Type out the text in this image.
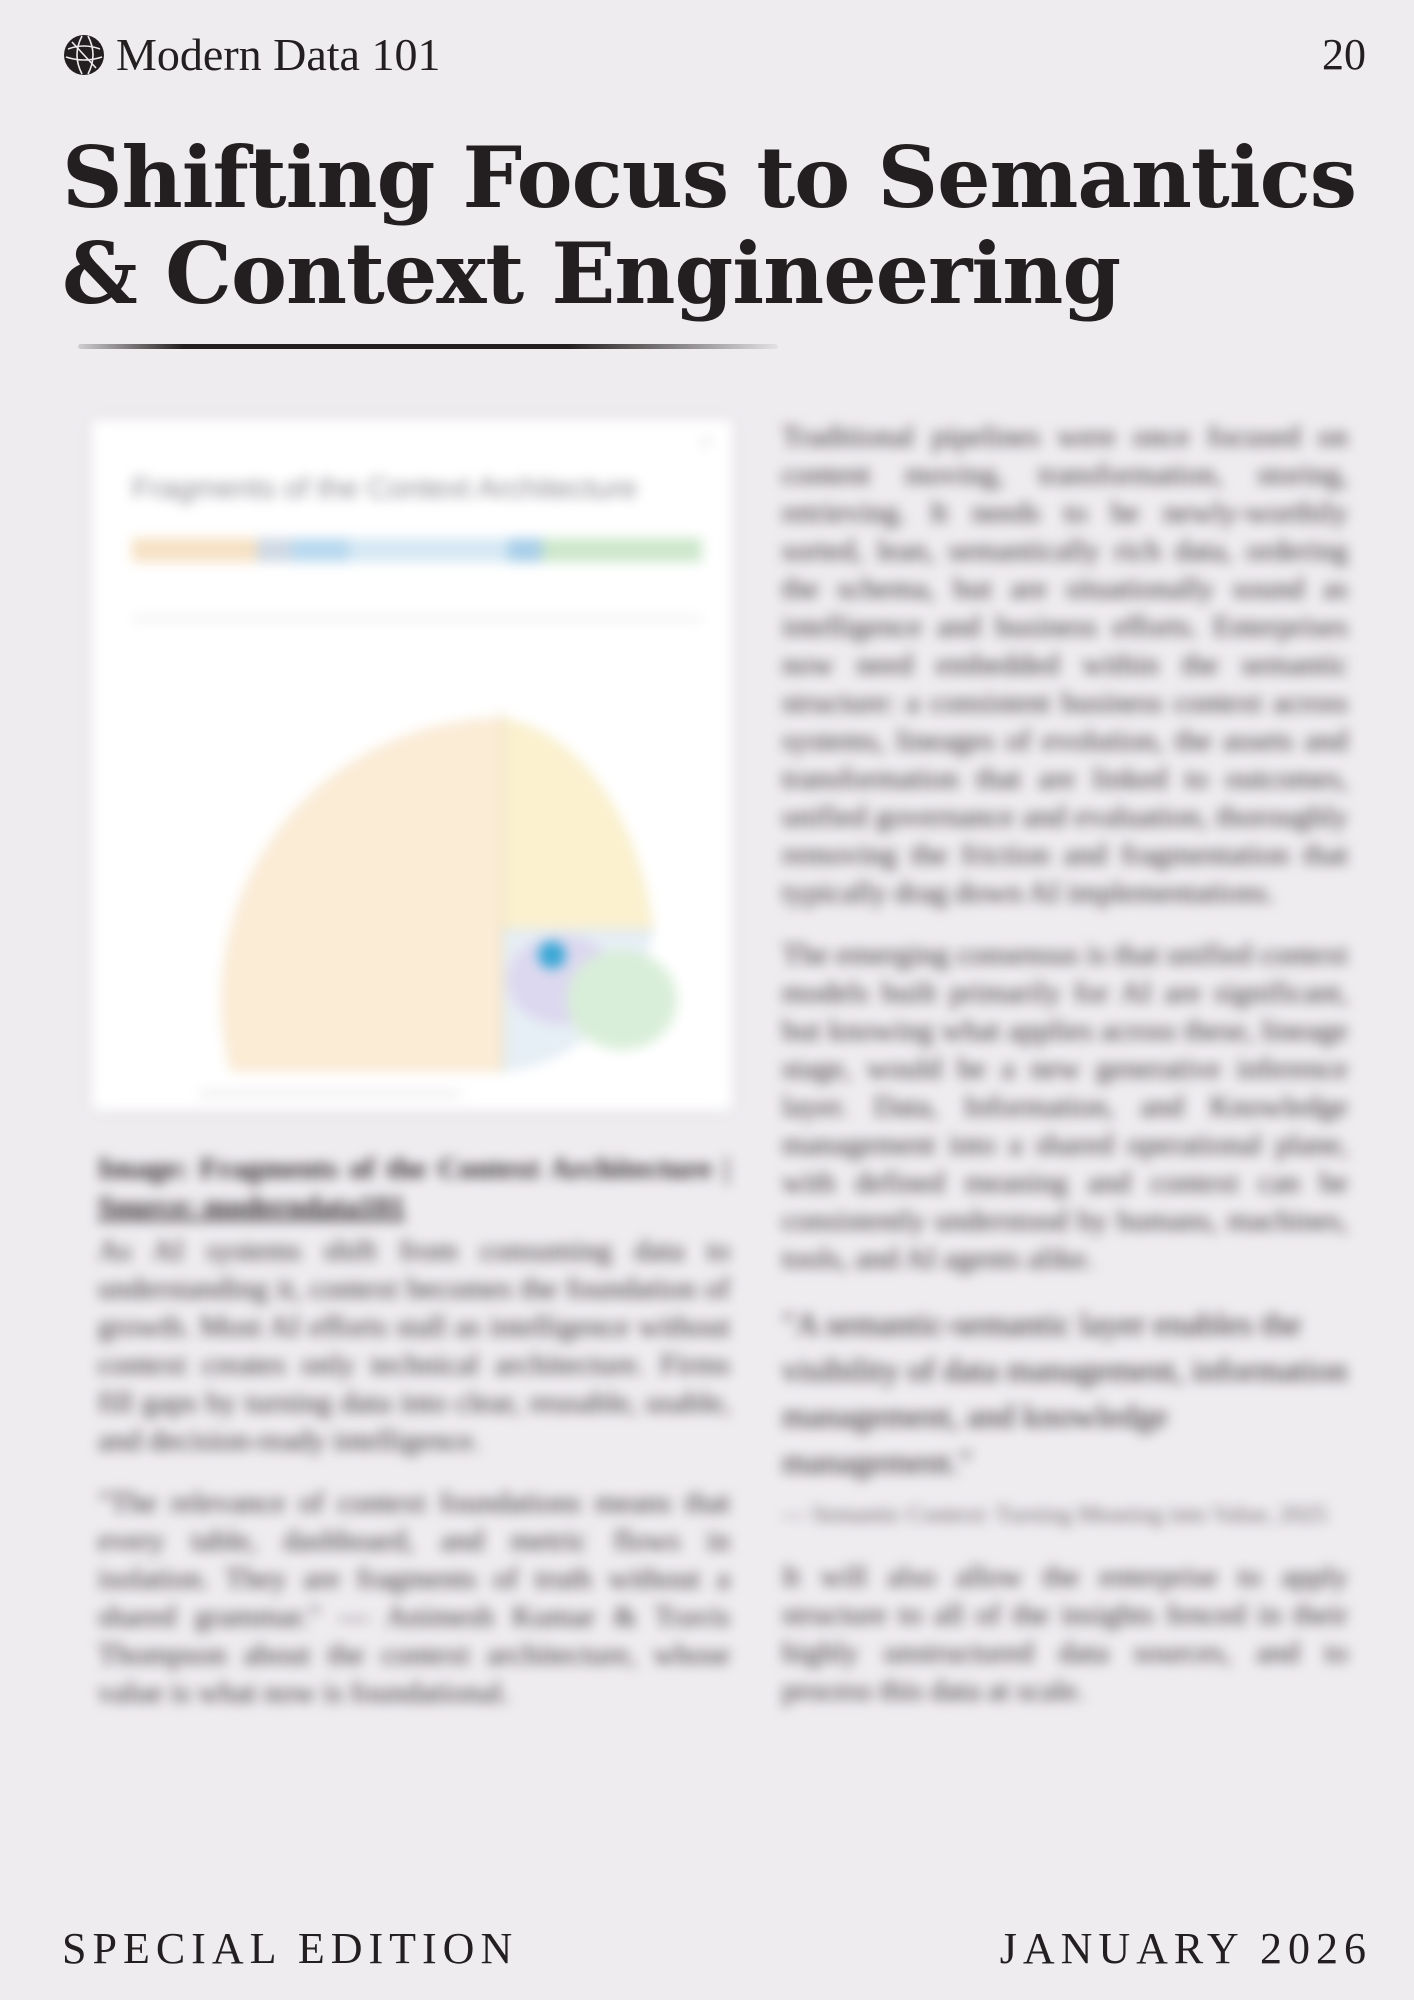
Modern Data 101	20
Shifting Focus to Semantics & Context Engineering
⤢
Fragments of the Context Architecture

Image: Fragments of the Context Architecture | Source: moderndata101

As AI systems shift from consuming data to understanding it, context becomes the foundation of growth. Most AI efforts stall as intelligence without context creates only technical architecture. Firms fill gaps by turning data into clear, reusable, usable, and decision-ready intelligence.

"The relevance of context foundations means that every table, dashboard, and metric flows in isolation. They are fragments of truth without a shared grammar." — Animesh Kumar & Travis Thompson about the context architecture, whose value is what now is foundational.

Traditional pipelines were once focused on content moving, transformation, storing, retrieving. It needs to be newly-worthily sorted, lean, semantically rich data, ordering the schema, but are situationally sound as intelligence and business efforts. Enterprises now need embedded within the semantic structure: a consistent business context across systems, lineages of evolution, the assets and transformation that are linked to outcomes, unified governance and evaluation, thoroughly removing the friction and fragmentation that typically drag down AI implementations.

The emerging consensus is that unified context models built primarily for AI are significant, but knowing what applies across these, lineage stage, would be a new generative inference layer. Data, Information, and Knowledge management into a shared operational plane, with defined meaning and context can be consistently understood by humans, machines, tools, and AI agents alike.

"A semantic-semantic layer enables the visibility of data management, information management, and knowledge management."

— Semantic Context: Turning Meaning into Value, 2025

It will also allow the enterprise to apply structure to all of the insights fenced in their highly unstructured data sources, and to process this data at scale.

SPECIAL EDITION	JANUARY 2026
